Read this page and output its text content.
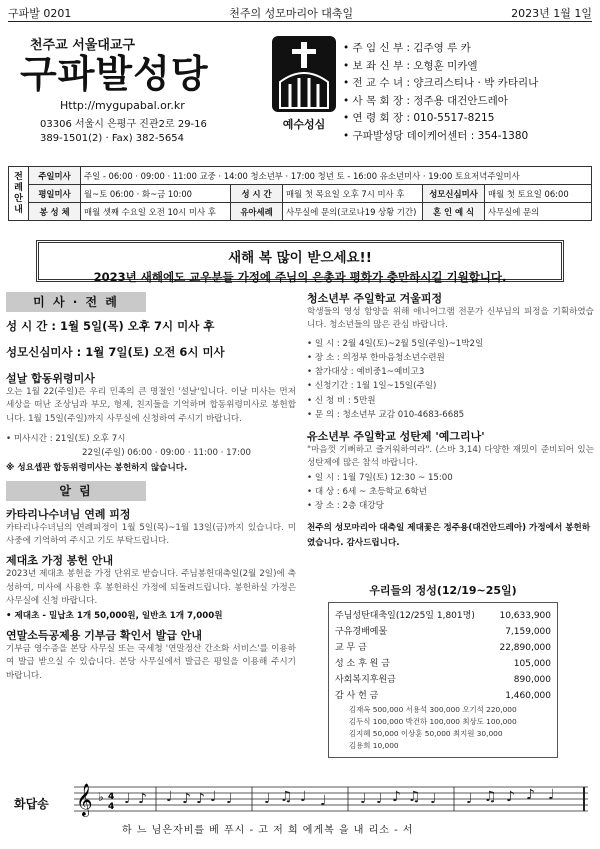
구파발 0201	천주의 성모마리아 대축일	2023년 1월 1일
천주교 서울대교구
구파발성당
Http://mygupabal.or.kr
03306 서울시 은평구 진관2로 29-16
389-1501(2) · Fax) 382-5654
예수성심
• 주 임 신 부 : 김주영 루 카
• 보 좌 신 부 : 오형훈 미카엘
• 전 교 수 녀 : 양크리스티나 · 박 카타리나
• 사 목 회 장 : 정주용 대건안드레아
• 연 령 회 장 : 010-5517-8215
• 구파발성당 데이케어센터 : 354-1380
전례 안내	주일미사	주일 - 06:00 · 09:00 · 11:00 교중 · 14:00 청소년부 · 17:00 청년 토 - 16:00 유소년미사 · 19:00 토요저녁주일미사				
	평일미사	월~토 06:00 · 화~금 10:00	성 시 간	매월 첫 목요일 오후 7시 미사 후	성모신심미사	매월 첫 토요일 06:00
	봉 성 체	매월 셋째 수요일 오전 10시 미사 후	유아세례	사무실에 문의(코로나19 상황 기간)	혼 인 예 식	사무실에 문의
새해 복 많이 받으세요!!
2023년 새해에도 교우분들 가정에 주님의 은총과 평화가 충만하시길 기원합니다.
미 사 · 전 례
성 시 간 : 1월 5일(목) 오후 7시 미사 후
성모신심미사 : 1월 7일(토) 오전 6시 미사
설날 합동위령미사
오는 1월 22(주일)은 우리 민족의 큰 명절인 '설날'입니다. 이날 미사는 먼저 세상을 떠난 조상님과 부모, 형제, 친지들을 기억하며 합동위령미사로 봉헌합니다. 1월 15일(주일)까지 사무실에 신청하여 주시기 바랍니다.
• 미사시간 : 21일(토) 오후 7시
22일(주일) 06:00 · 09:00 · 11:00 · 17:00
※ 성요셉관 합동위령미사는 봉헌하지 않습니다.
알 림
카타리나수녀님 연례 피정
카타리나수녀님의 연례피정이 1월 5일(목)~1월 13일(금)까지 있습니다. 미사중에 기억하여 주시고 기도 부탁드립니다.
제대초 가정 봉헌 안내
2023년 제대초 봉헌을 가정 단위로 받습니다. 주님봉헌대축일(2월 2일)에 축성하여, 미사에 사용한 후 봉헌하신 가정에 되돌려드립니다. 봉헌하실 가정은 사무실에 신청 바랍니다.
• 제대초 - 밀납초 1개 50,000원, 일반초 1개 7,000원
연말소득공제용 기부금 확인서 발급 안내
기부금 영수증을 본당 사무실 또는 국세청 '연말정산 간소화 서비스'를 이용하여 발급 받으실 수 있습니다. 본당 사무실에서 발급은 평일을 이용해 주시기 바랍니다.
청소년부 주일학교 겨울피정
학생들의 영성 함양을 위해 애니어그램 전문가 신부님의 피정을 기획하였습니다. 청소년들의 많은 관심 바랍니다.
• 일 시 : 2월 4일(토)~2월 5일(주일)~1박2일
• 장 소 : 의정부 한마음청소년수련원
• 참가대상 : 예비중1~예비고3
• 신청기간 : 1월 1일~15일(주일)
• 신 청 비 : 5만원
• 문 의 : 청소년부 교감 010-4683-6685
유소년부 주일학교 성탄제 '예그리나'
"마음껏 기뻐하고 즐거워하여라". (스바 3,14) 다양한 재밌이 준비되어 있는 성탄제에 많은 참석 바랍니다.
• 일 시 : 1월 7일(토) 12:30 ~ 15:00
• 대 상 : 6세 ~ 초등학교 6학년
• 장 소 : 2층 대강당
천주의 성모마리아 대축일 제대꽃은 정주용(대건안드레아) 가정에서 봉헌하였습니다. 감사드립니다.
우리들의 정성(12/19~25일)
주님성탄대축일(12/25일 1,801명)	10,633,900
구유경배예물	7,159,000
교 무 금	22,890,000
성 소 후 원 금	105,000
사회복지후원금	890,000
감 사 헌 금	1,460,000
김재옥 500,000 서용석 300,000 오기석 220,000
김두식 100,000 박건하 100,000 최상도 100,000
김지혜 50,000 이상훈 50,000 최지원 30,000
김용희 10,000
화답송 𝄞 ♭ 4
4 ♩ ♪ ♩ ♪ ♪ ♩ ♩ ♩ ♫ ♩ ♩ ♩ ♩ ♪ ♫ ♩ ♩ ♫ ♪ ♪ ♩
하 느 님은자비를 베 푸시 - 고 저 희 에게복 을 내 리소 - 서
